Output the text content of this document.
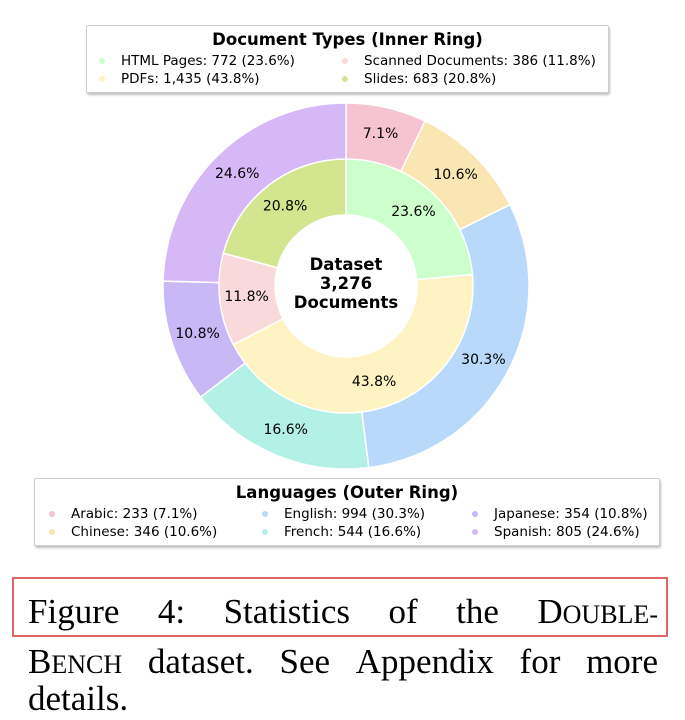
7.1%
10.6%
30.3%
16.6%
10.8%
24.6%
23.6%
43.8%
11.8%
20.8%
Dataset
3,276
Documents
Document Types (Inner Ring)
HTML Pages: 772 (23.6%)
PDFs: 1,435 (43.8%)
Scanned Documents: 386 (11.8%)
Slides: 683 (20.8%)
Languages (Outer Ring)
Arabic: 233 (7.1%)
Chinese: 346 (10.6%)
English: 994 (30.3%)
French: 544 (16.6%)
Japanese: 354 (10.8%)
Spanish: 805 (24.6%)
Figure 4: Statistics of the DOUBLE-
BENCH dataset. See Appendix for more
details.
